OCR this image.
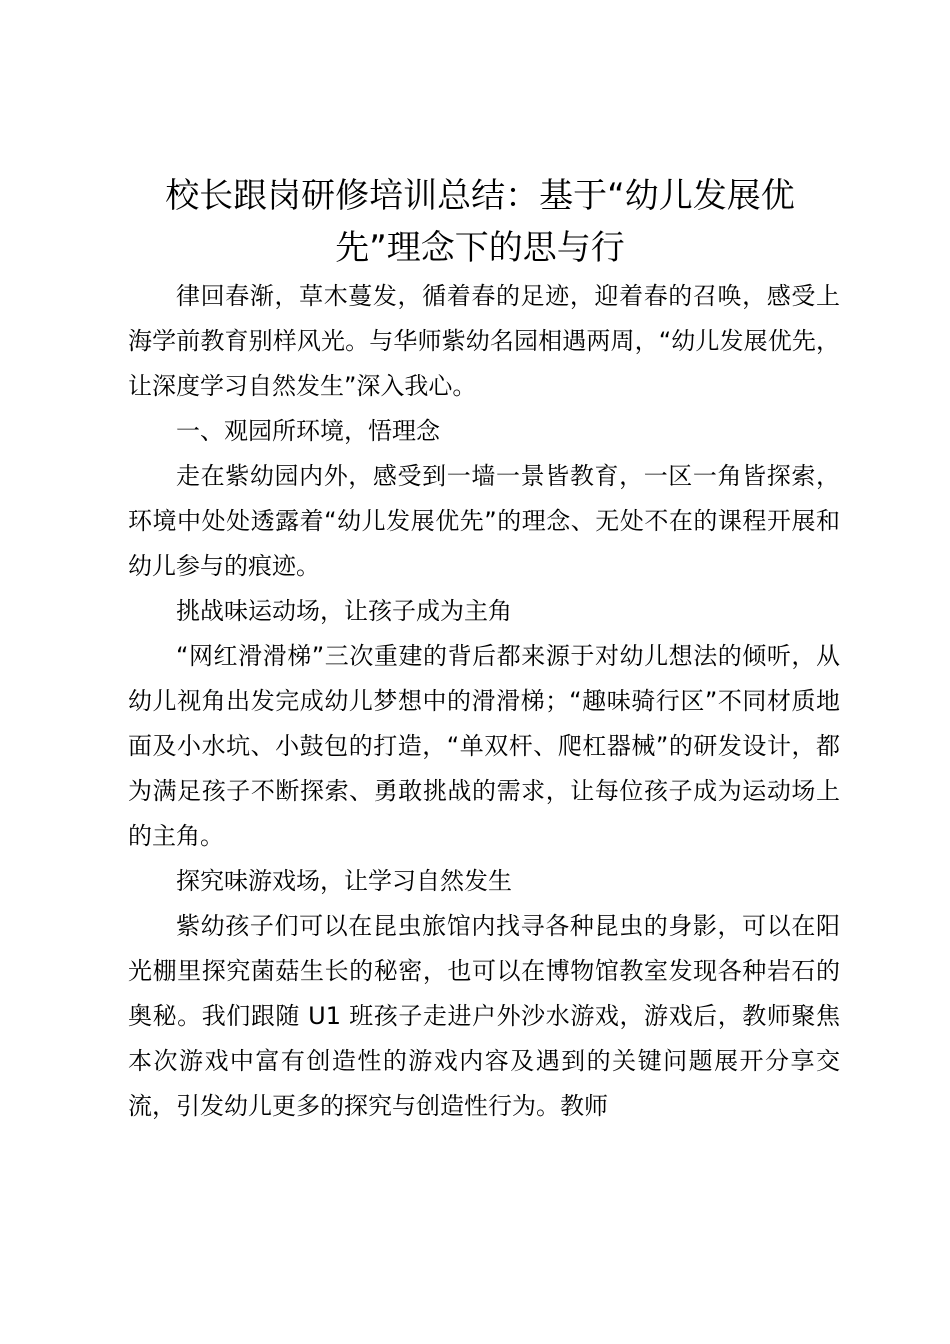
校长跟岗研修培训总结：基于“幼儿发展优先”理念下的思与行

律回春渐，草木蔓发，循着春的足迹，迎着春的召唤，感受上海学前教育别样风光。与华师紫幼名园相遇两周，“幼儿发展优先，让深度学习自然发生”深入我心。

一、观园所环境，悟理念

走在紫幼园内外，感受到一墙一景皆教育，一区一角皆探索，环境中处处透露着“幼儿发展优先”的理念、无处不在的课程开展和幼儿参与的痕迹。

挑战味运动场，让孩子成为主角

“网红滑滑梯”三次重建的背后都来源于对幼儿想法的倾听，从幼儿视角出发完成幼儿梦想中的滑滑梯；“趣味骑行区”不同材质地面及小水坑、小鼓包的打造，“单双杆、爬杠器械”的研发设计，都为满足孩子不断探索、勇敢挑战的需求，让每位孩子成为运动场上的主角。

探究味游戏场，让学习自然发生

紫幼孩子们可以在昆虫旅馆内找寻各种昆虫的身影，可以在阳光棚里探究菌菇生长的秘密，也可以在博物馆教室发现各种岩石的奥秘。我们跟随 U1 班孩子走进户外沙水游戏，游戏后，教师聚焦本次游戏中富有创造性的游戏内容及遇到的关键问题展开分享交流，引发幼儿更多的探究与创造性行为。教师
